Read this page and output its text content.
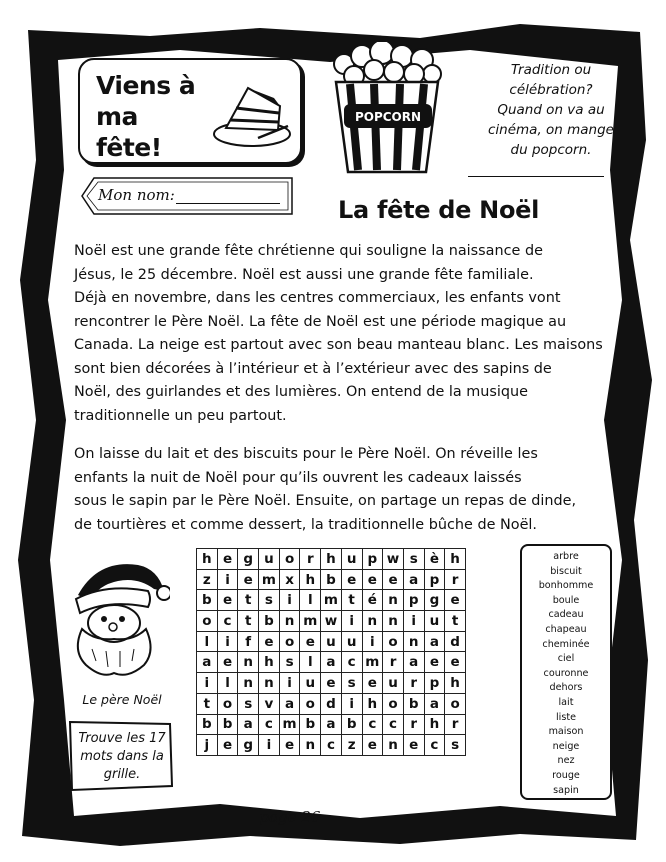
Viens à
ma fête!
POPCORN
Tradition ou
célébration?
Quand on va au
cinéma, on mange
du popcorn.
Mon nom:
La fête de Noël
Noël est une grande fête chrétienne qui souligne la naissance de
Jésus, le 25 décembre. Noël est aussi une grande fête familiale.
Déjà en novembre, dans les centres commerciaux, les enfants vont
rencontrer le Père Noël. La fête de Noël est une période magique au
Canada. La neige est partout avec son beau manteau blanc. Les maisons
sont bien décorées à l’intérieur et à l’extérieur avec des sapins de
Noël, des guirlandes et des lumières. On entend de la musique
traditionnelle un peu partout.
On laisse du lait et des biscuits pour le Père Noël. On réveille les
enfants la nuit de Noël pour qu’ils ouvrent les cadeaux laissés
sous le sapin par le Père Noël. Ensuite, on partage un repas de dinde,
de tourtières et comme dessert, la traditionnelle bûche de Noël.
Le père Noël
Trouve les 17
mots dans la
grille.
h	e	g	u	o	r	h	u	p	w	s	è	h
z	i	e	m	x	h	b	e	e	e	a	p	r
b	e	t	s	i	l	m	t	é	n	p	g	e
o	c	t	b	n	m	w	i	n	n	i	u	t
l	i	f	e	o	e	u	u	i	o	n	a	d
a	e	n	h	s	l	a	c	m	r	a	e	e
i	l	n	n	i	u	e	s	e	u	r	p	h
t	o	s	v	a	o	d	i	h	o	b	a	o
b	b	a	c	m	b	a	b	c	c	r	h	r
j	e	g	i	e	n	c	z	e	n	e	c	s
arbre
biscuit
bonhomme
boule
cadeau
chapeau
cheminée
ciel
couronne
dehors
lait
liste
maison
neige
nez
rouge
sapin
page 26
